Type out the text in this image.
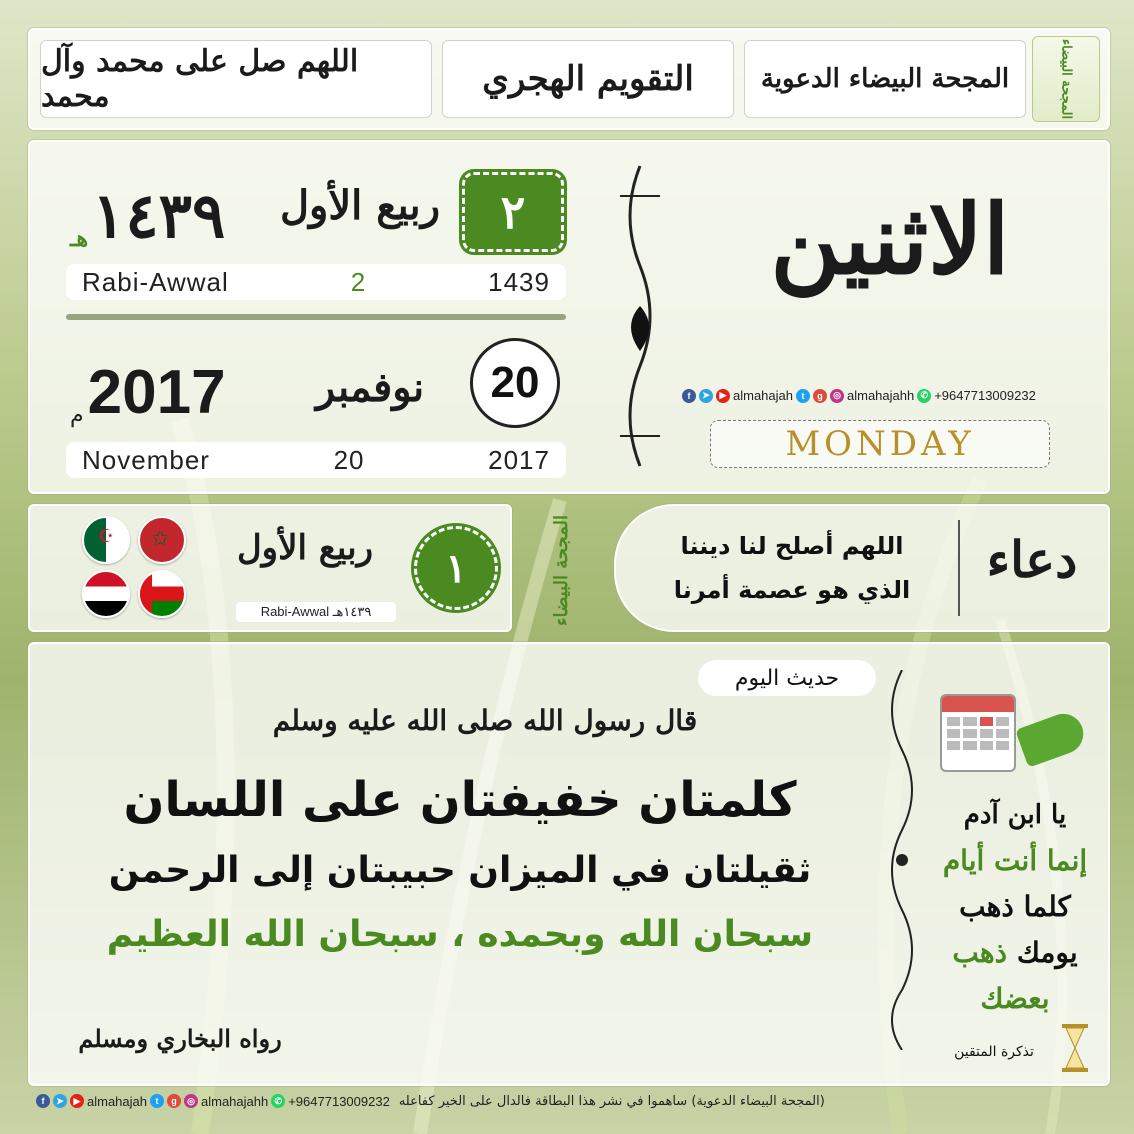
اللهم صل على محمد وآل محمد	التقويم الهجري	المجحة البيضاء الدعوية	المجحة البيضاء
هـ ١٤٣٩	ربيع الأول	٢
Rabi-Awwal	2	1439
م 2017	نوفمبر	20
November	20	2017
الاثنين
f	➤	▶ almahajah t	g	◎ almahajahh ✆ +9647713009232
MONDAY
✩
☪	ربيع الأول
Rabi-Awwal ١٤٣٩هـ
١	المجحة البيضاء	اللهم أصلح لنا ديننا
الذي هو عصمة أمرنا
دعاء
حديث اليوم
قال رسول الله صلى الله عليه وسلم
كلمتان خفيفتان على اللسان
ثقيلتان في الميزان حبيبتان إلى الرحمن
سبحان الله وبحمده ، سبحان الله العظيم
رواه البخاري ومسلم
يا ابن آدم
إنما أنت أيام
كلما ذهب
يومك ذهب
بعضك
تذكرة المتقين
f	➤	▶ almahajah t	g	◎ almahajahh ✆ +9647713009232 (المجحة البيضاء الدعوية) ساهموا في نشر هذا البطاقة فالدال على الخير كفاعله
